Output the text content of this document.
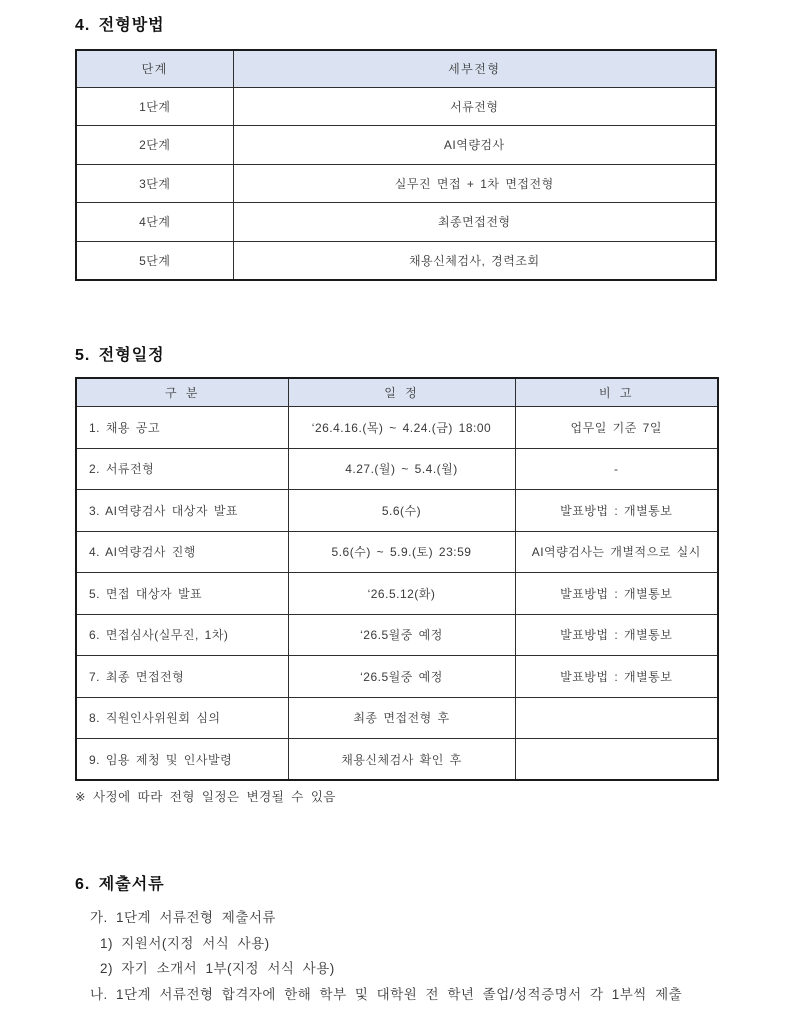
4. 전형방법
단계	세부전형
1단계	서류전형
2단계	AI역량검사
3단계	실무진 면접 + 1차 면접전형
4단계	최종면접전형
5단계	채용신체검사, 경력조회
5. 전형일정
구 분	일 정	비 고
1. 채용 공고	‘26.4.16.(목) ~ 4.24.(금) 18:00	업무일 기준 7일
2. 서류전형	4.27.(월) ~ 5.4.(월)	-
3. AI역량검사 대상자 발표	5.6(수)	발표방법 : 개별통보
4. AI역량검사 진행	5.6(수) ~ 5.9.(토) 23:59	AI역량검사는 개별적으로 실시
5. 면접 대상자 발표	‘26.5.12(화)	발표방법 : 개별통보
6. 면접심사(실무진, 1차)	‘26.5월중 예정	발표방법 : 개별통보
7. 최종 면접전형	‘26.5월중 예정	발표방법 : 개별통보
8. 직원인사위원회 심의	최종 면접전형 후	
9. 임용 제청 및 인사발령	채용신체검사 확인 후	
※ 사정에 따라 전형 일정은 변경될 수 있음
6. 제출서류
가. 1단계 서류전형 제출서류
1) 지원서(지정 서식 사용)
2) 자기 소개서 1부(지정 서식 사용)
나. 1단계 서류전형 합격자에 한해 학부 및 대학원 전 학년 졸업/성적증명서 각 1부씩 제출
